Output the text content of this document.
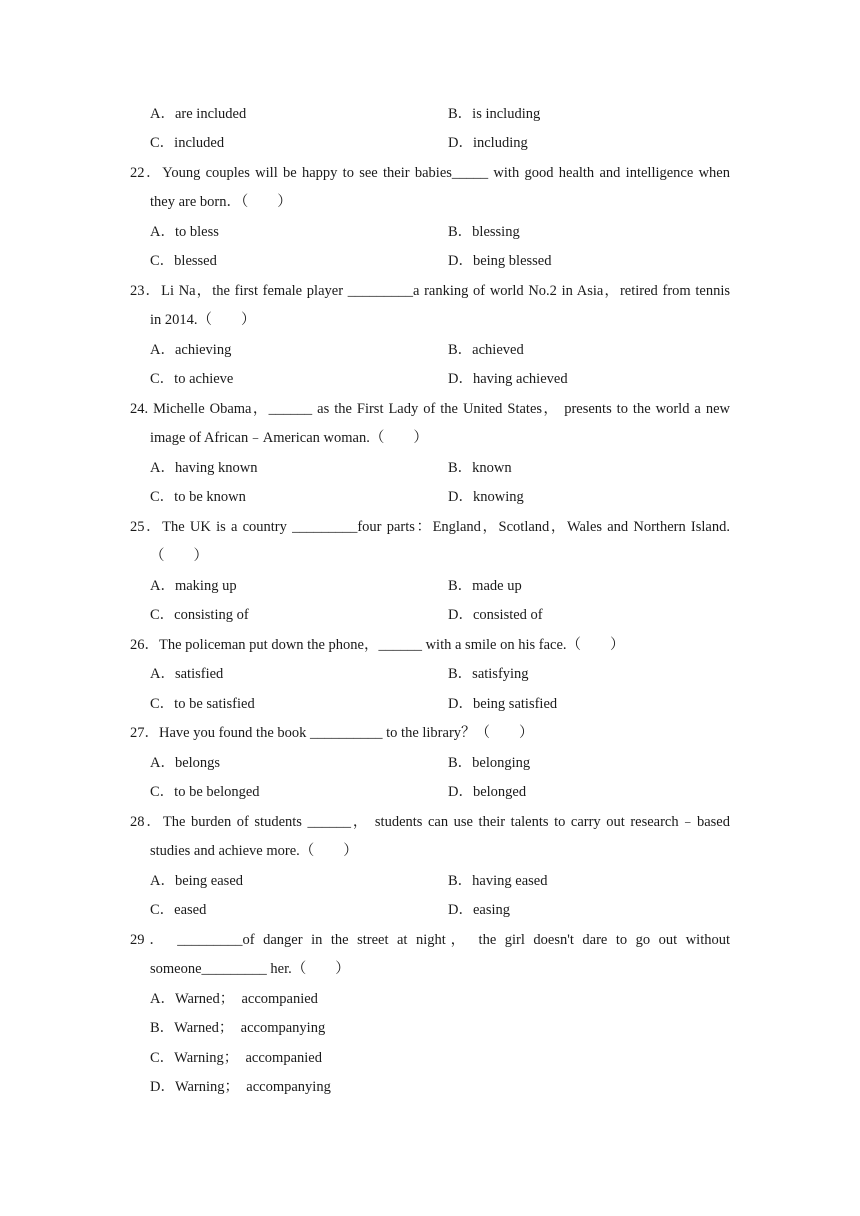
A．are included	B．is including
C．included	D．including
22．Young couples will be happy to see their babies_____ with good health and intelligence when
they are born．（　　）
A．to bless	B．blessing
C．blessed	D．being blessed
23．Li Na，the first female player _________a ranking of world No.2 in Asia，retired from tennis
in 2014.（　　）
A．achieving	B．achieved
C．to achieve	D．having achieved
24. Michelle Obama，______ as the First Lady of the United States， presents to the world a new
image of African﹣American woman.（　　）
A．having known	B．known
C．to be known	D．knowing
25．The UK is a country _________four parts：England，Scotland，Wales and Northern Island.
（　　）
A．making up	B．made up
C．consisting of	D．consisted of
26．The policeman put down the phone，______ with a smile on his face.（　　）
A．satisfied	B．satisfying
C．to be satisfied	D．being satisfied
27．Have you found the book __________ to the library？（　　）
A．belongs	B．belonging
C．to be belonged	D．belonged
28．The burden of students ______， students can use their talents to carry out research﹣based
studies and achieve more.（　　）
A．being eased	B．having eased
C．eased	D．easing
29． _________of danger in the street at night， the girl doesn't dare to go out without
someone_________ her.（　　）
A．Warned；  accompanied
B．Warned；  accompanying
C．Warning；  accompanied
D．Warning；  accompanying
